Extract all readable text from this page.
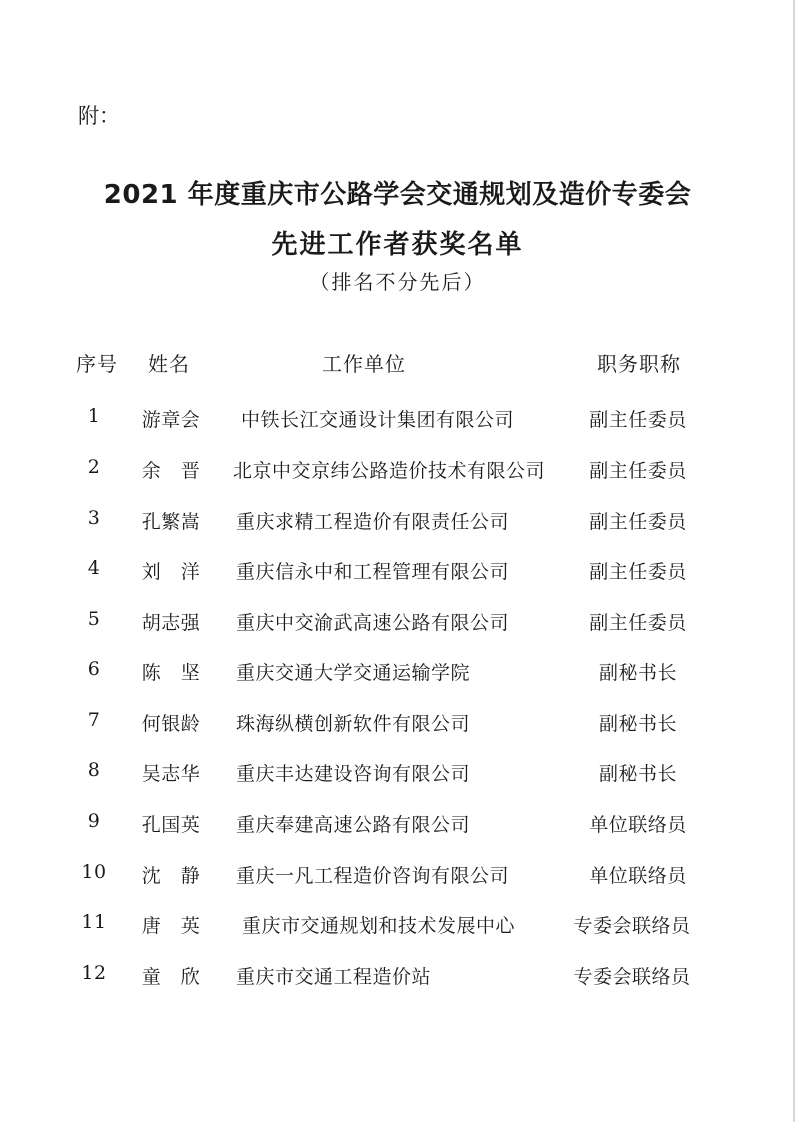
附：
2021 年度重庆市公路学会交通规划及造价专委会
先进工作者获奖名单
（排名不分先后）
序号 姓名	工作单位	职务职称
1	游章会	中铁长江交通设计集团有限公司	副主任委员
2	余　晋	北京中交京纬公路造价技术有限公司	副主任委员
3	孔繁嵩	重庆求精工程造价有限责任公司	副主任委员
4	刘　洋	重庆信永中和工程管理有限公司	副主任委员
5	胡志强	重庆中交渝武高速公路有限公司	副主任委员
6	陈　坚	重庆交通大学交通运输学院	副秘书长
7	何银龄	珠海纵横创新软件有限公司	副秘书长
8	吴志华	重庆丰达建设咨询有限公司	副秘书长
9	孔国英	重庆奉建高速公路有限公司	单位联络员
10	沈　静	重庆一凡工程造价咨询有限公司	单位联络员
11	唐　英	重庆市交通规划和技术发展中心	专委会联络员
12	童　欣	重庆市交通工程造价站	专委会联络员
